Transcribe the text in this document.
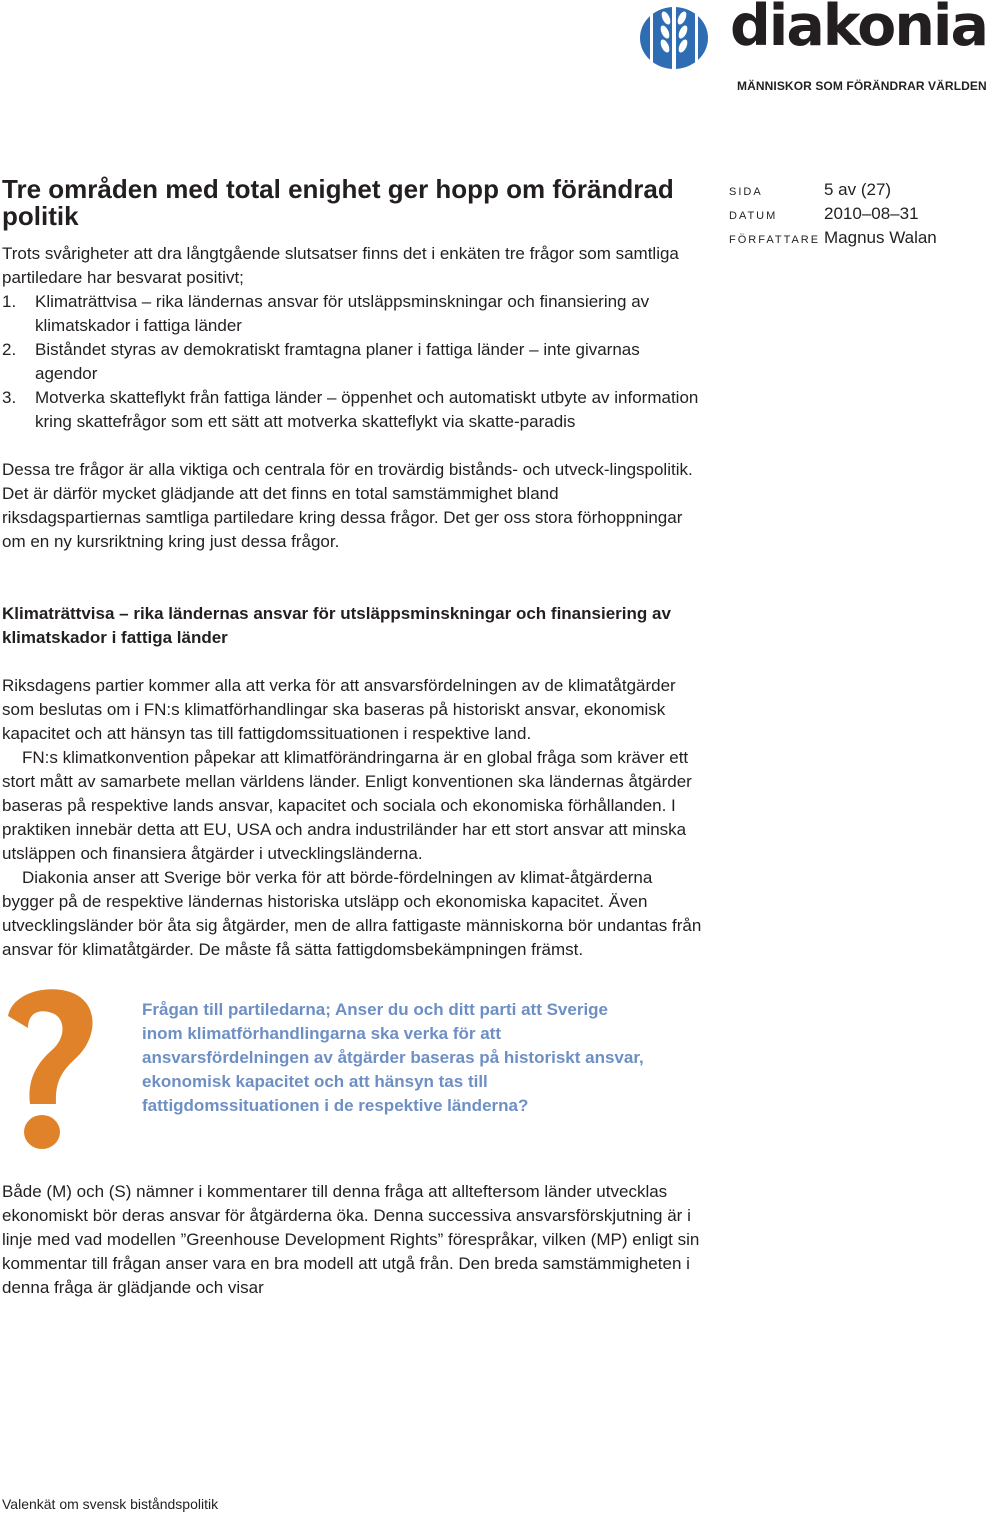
diakonia
MÄNNISKOR SOM FÖRÄNDRAR VÄRLDEN
SIDA	5 av (27)
DATUM	2010–08–31
FÖRFATTARE Magnus Walan
Tre områden med total enighet ger hopp om förändrad politik

Trots svårigheter att dra långtgående slutsatser finns det i enkäten tre frågor som samtliga partiledare har besvarat positivt;

1. Klimaträttvisa – rika ländernas ansvar för utsläppsminskningar och finansiering av klimatskador i fattiga länder
2. Biståndet styras av demokratiskt framtagna planer i fattiga länder – inte givarnas agendor
3. Motverka skatteflykt från fattiga länder – öppenhet och automatiskt utbyte av information kring skattefrågor som ett sätt att motverka skatteflykt via skatte-paradis

Dessa tre frågor är alla viktiga och centrala för en trovärdig bistånds- och utveck-lingspolitik. Det är därför mycket glädjande att det finns en total samstämmighet bland riksdagspartiernas samtliga partiledare kring dessa frågor. Det ger oss stora förhoppningar om en ny kursriktning kring just dessa frågor.

Klimaträttvisa – rika ländernas ansvar för utsläppsminskningar och finansiering av klimatskador i fattiga länder

Riksdagens partier kommer alla att verka för att ansvarsfördelningen av de klimatåtgärder som beslutas om i FN:s klimatförhandlingar ska baseras på historiskt ansvar, ekonomisk kapacitet och att hänsyn tas till fattigdomssituationen i respektive land.

FN:s klimatkonvention påpekar att klimatförändringarna är en global fråga som kräver ett stort mått av samarbete mellan världens länder. Enligt konventionen ska ländernas åtgärder baseras på respektive lands ansvar, kapacitet och sociala och ekonomiska förhållanden. I praktiken innebär detta att EU, USA och andra industriländer har ett stort ansvar att minska utsläppen och finansiera åtgärder i utvecklingsländerna.

Diakonia anser att Sverige bör verka för att börde-fördelningen av klimat-åtgärderna bygger på de respektive ländernas historiska utsläpp och ekonomiska kapacitet. Även utvecklingsländer bör åta sig åtgärder, men de allra fattigaste människorna bör undantas från ansvar för klimatåtgärder. De måste få sätta fattigdomsbekämpningen främst.

Frågan till partiledarna; Anser du och ditt parti att Sverige inom klimatförhandlingarna ska verka för att ansvarsfördelningen av åtgärder baseras på historiskt ansvar, ekonomisk kapacitet och att hänsyn tas till fattigdomssituationen i de respektive länderna?

Både (M) och (S) nämner i kommentarer till denna fråga att allteftersom länder utvecklas ekonomiskt bör deras ansvar för åtgärderna öka. Denna successiva ansvarsförskjutning är i linje med vad modellen ”Greenhouse Development Rights” förespråkar, vilken (MP) enligt sin kommentar till frågan anser vara en bra modell att utgå från. Den breda samstämmigheten i denna fråga är glädjande och visar

Valenkät om svensk biståndspolitik
